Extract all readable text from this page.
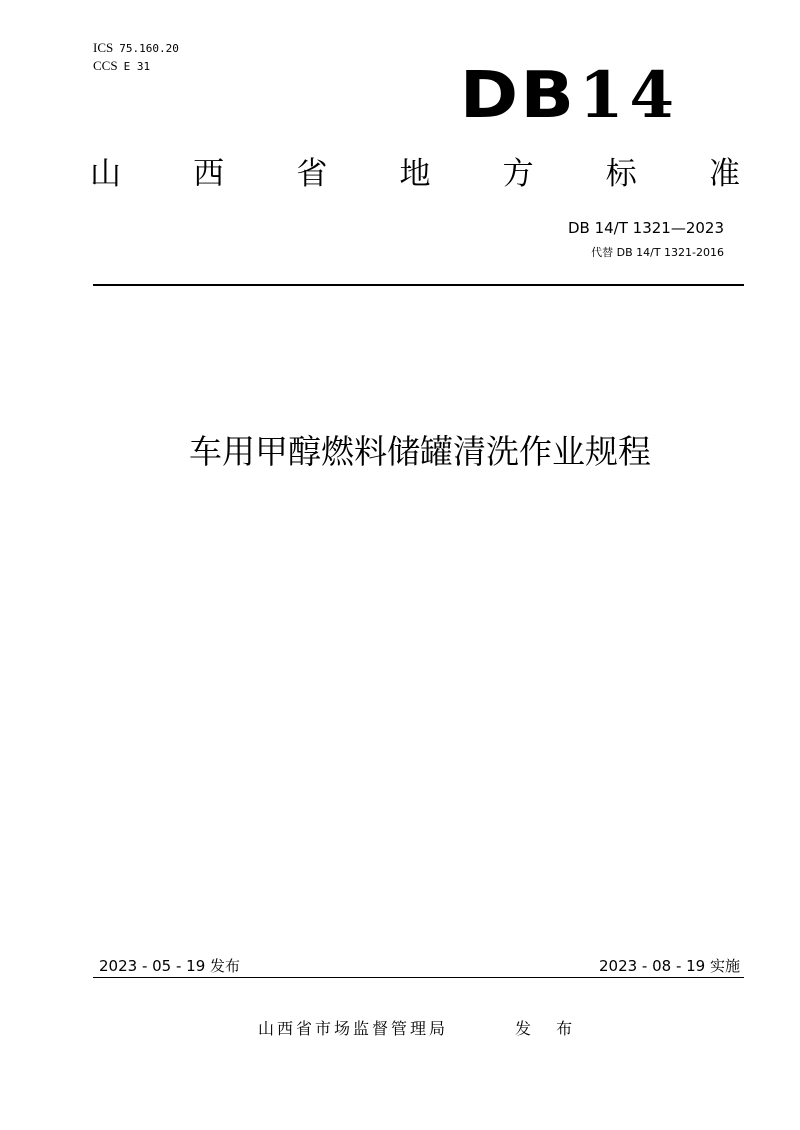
ICS 75.160.20
CCS E 31	DB14
山 西 省 地 方 标 准
DB 14/T 1321—2023
代替 DB 14/T 1321-2016
车用甲醇燃料储罐清洗作业规程
2023 - 05 - 19 发布	2023 - 08 - 19 实施
山西省市场监督管理局	发 布
